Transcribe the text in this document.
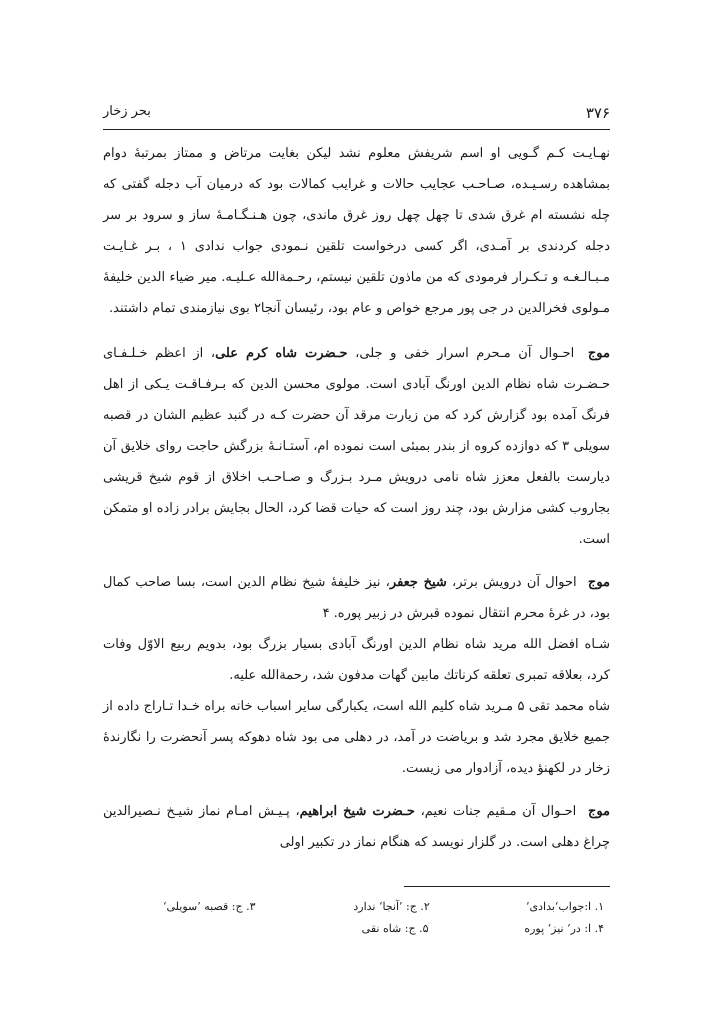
۳۷۶
بحر زخار

نهـایـت کـم گـویی او اسم شریفش معلوم نشد لیکن بغایت مرتاض و ممتاز بمرتبهٔ دوام بمشاهده رسـیـده، صـاحـب عجایب حالات و غرایب کمالات بود که درمیان آب دجله گفتی که چله نشسته ام غرق شدی تا چهل چهل روز غرق ماندی، چون هـنـگـامـهٔ ساز و سرود بر سر دجله کردندی بر آمـدی، اگر کسی درخواست تلقین نـمودی جواب ندادی ۱ ، بـر غـایـت مـبـالـغـه و تـکـرار فرمودی که من ماذون تلقین نیستم، رحـمةالله عـلیـه. میر ضیاء الدین خلیفهٔ مـولوی فخرالدین در جی پور مرجع خواص و عام بود، رئیسان آنجا۲ بوی نیازمندی تمام داشتند.

موج احـوال آن مـحرم اسرار خفی و جلی، حـضرت شاه کرم علی، از اعظم خـلـفـای حـضـرت شاه نظام الدین اورنگ آبادی است. مولوی محسن الدین که بـرفـاقـت یـکی از اهل فرنگ آمده بود گزارش کرد که من زیارت مرقد آن حضرت کـه در گنبد عظیم الشان در قصبه سویلی ۳ که دوازده کروه از بندر بمبئی است نموده ام، آستـانـهٔ بزرگش حاجت روای خلایق آن دیارست بالفعل معزز شاه نامی درویش مـرد بـزرگ و صـاحـب اخلاق از قوم شیخ قریشی بجاروب کشی مزارش بود، چند روز است که حیات قضا کرد، الحال بجایش برادر زاده او متمکن است.

موج احوال آن درویش برتر، شیخ جعفر، نیز خلیفهٔ شیخ نظام الدین است، بسا صاحب کمال بود، در غرهٔ محرم انتقال نموده قبرش در زبیر پوره. ۴

شـاه افضل الله مرید شاه نظام الدین اورنگ آبادی بسیار بزرگ بود، بدویم ربیع الاوّل وفات کرد، بعلاقه تمبری تعلقه کرناتك مابین گهات مدفون شد، رحمةالله علیه.

شاه محمد تقی ۵ مـرید شاه کلیم الله است، یکبارگی سایر اسباب خانه براه خـدا تـاراج داده از جمیع خلایق مجرد شد و بریاضت در آمد، در دهلی می بود شاه دهوکه پسر آنحضرت را نگارندهٔ زخار در لکهنؤ دیده، آزادوار می زیست.

موج احـوال آن مـقیم جنات نعیم، حـضرت شیخ ابراهیم، پـیـش امـام نماز شیـخ نـصیرالدین چراغ دهلی است. در گلزار نویسد که هنگام نماز در تکبیر اولی

۱. ا:جواب‘بدادی’
۲. ج: ’آنجا‘ ندارد
۳. ج: قصبه ’سویلی‘
۴. ا: در’ نیز‘ پوره
۵. ج: شاه نقی
